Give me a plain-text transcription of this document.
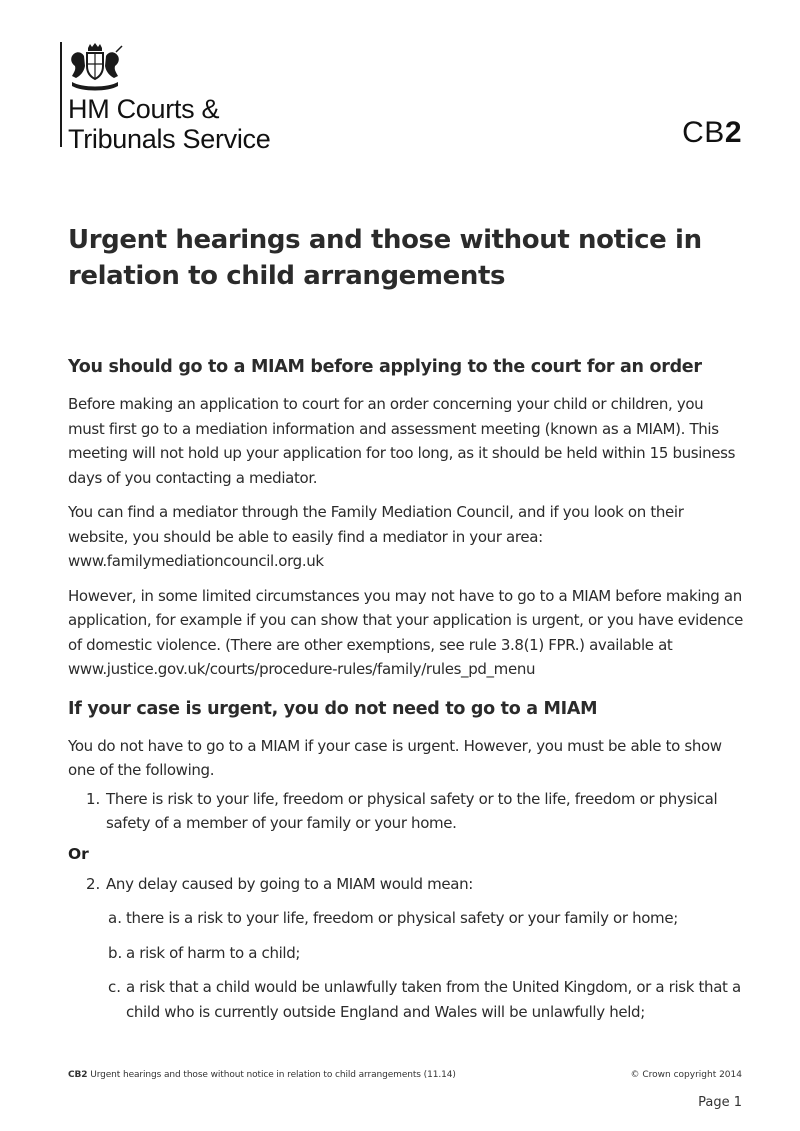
HM Courts &
Tribunals Service	CB2
Urgent hearings and those without notice in relation to child arrangements
You should go to a MIAM before applying to the court for an order

Before making an application to court for an order concerning your child or children, you must first go to a mediation information and assessment meeting (known as a MIAM). This meeting will not hold up your application for too long, as it should be held within 15 business days of you contacting a mediator.

You can find a mediator through the Family Mediation Council, and if you look on their website, you should be able to easily find a mediator in your area:
www.familymediationcouncil.org.uk

However, in some limited circumstances you may not have to go to a MIAM before making an application, for example if you can show that your application is urgent, or you have evidence of domestic violence. (There are other exemptions, see rule 3.8(1) FPR.) available at www.justice.gov.uk/courts/procedure-rules/family/rules_pd_menu

If your case is urgent, you do not need to go to a MIAM

You do not have to go to a MIAM if your case is urgent. However, you must be able to show one of the following.

1. There is risk to your life, freedom or physical safety or to the life, freedom or physical safety of a member of your family or your home.
Or
2. Any delay caused by going to a MIAM would mean:
a. there is a risk to your life, freedom or physical safety or your family or home;
b. a risk of harm to a child;
c. a risk that a child would be unlawfully taken from the United Kingdom, or a risk that a child who is currently outside England and Wales will be unlawfully held;
CB2 Urgent hearings and those without notice in relation to child arrangements (11.14)	© Crown copyright 2014
Page 1
